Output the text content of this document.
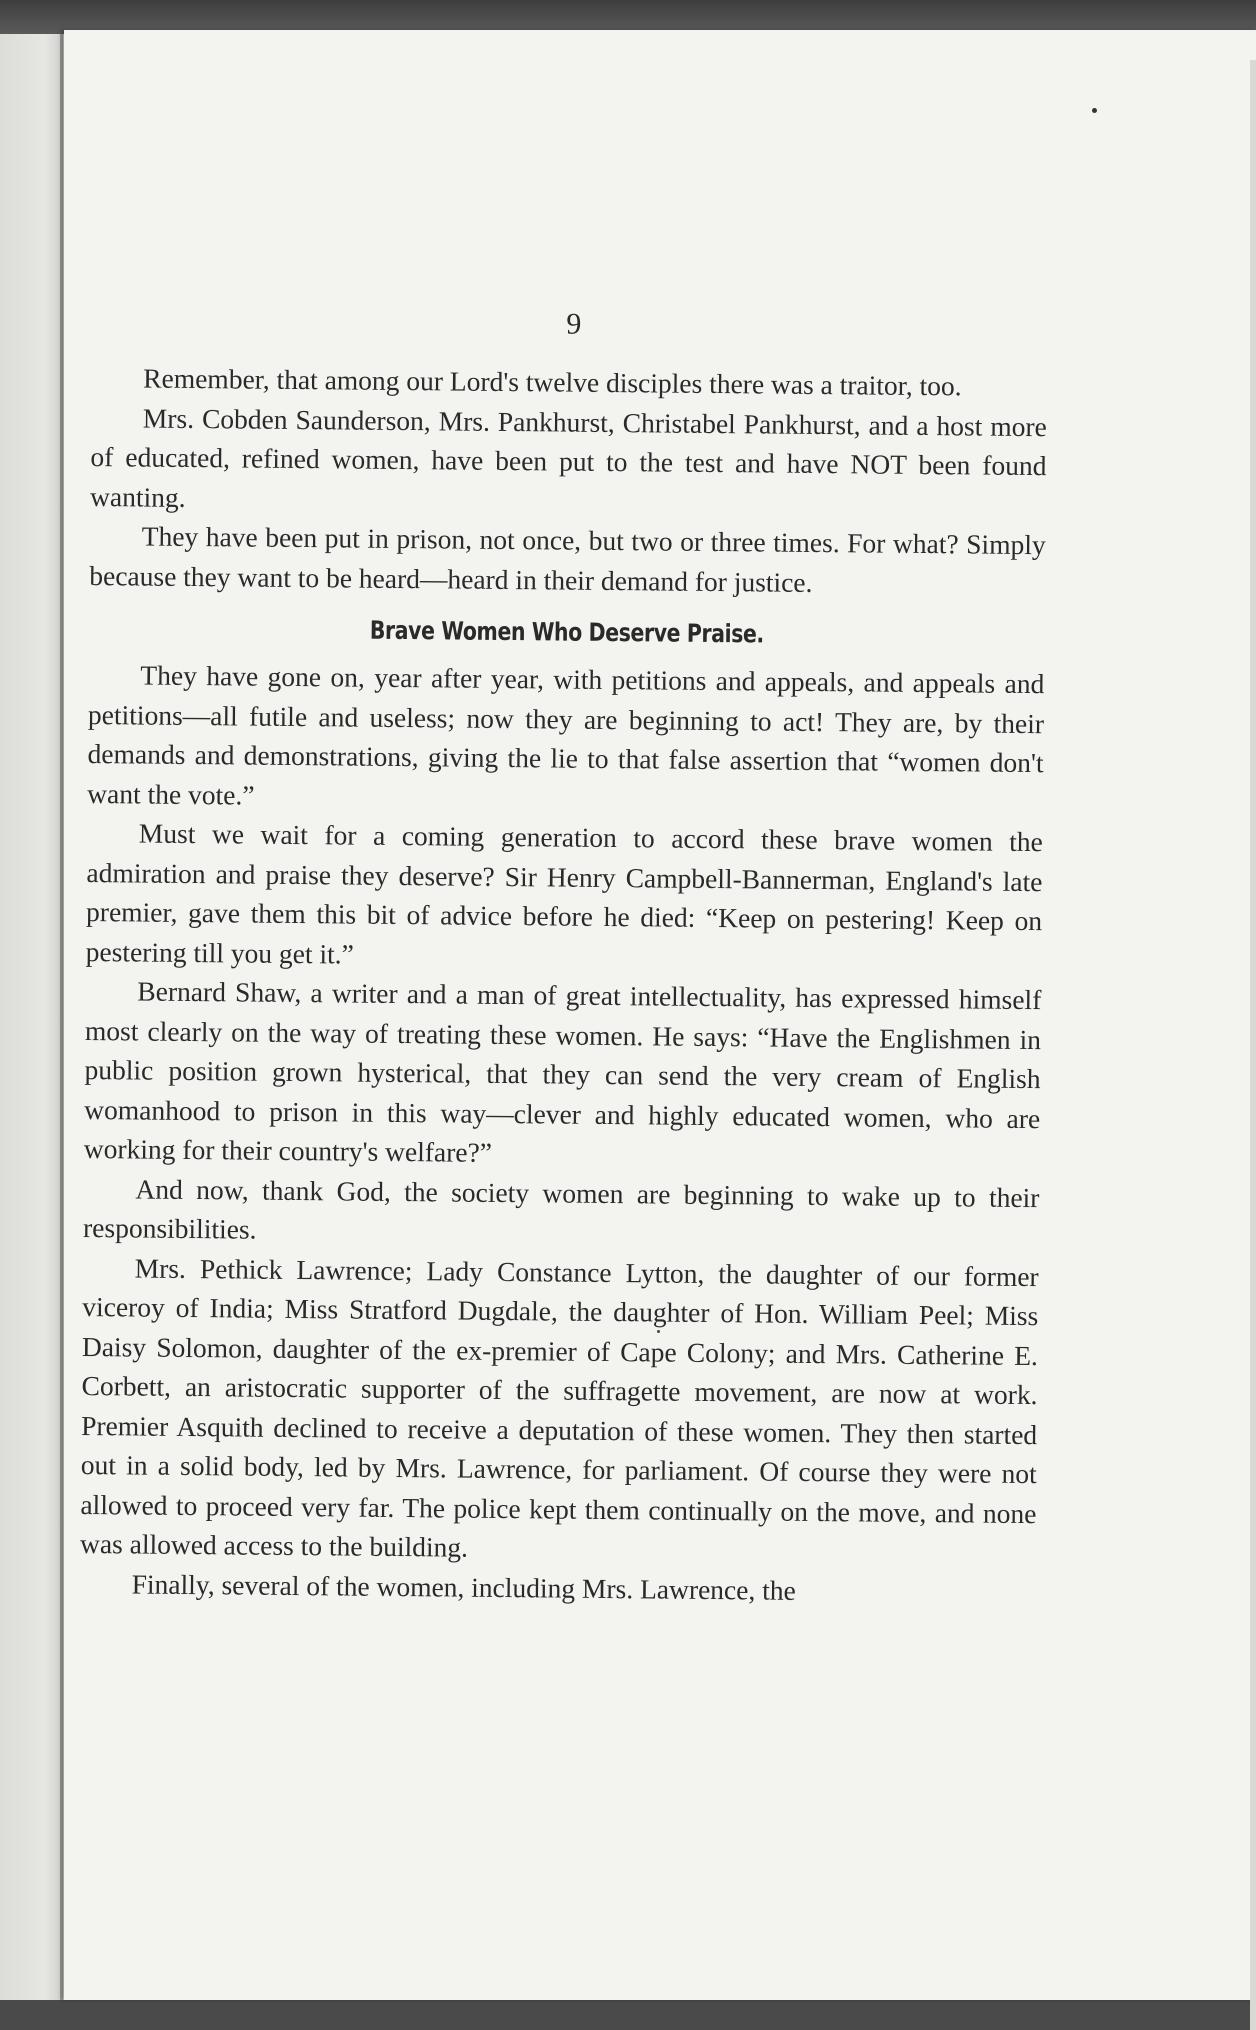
9

Remember, that among our Lord's twelve disciples there was a traitor, too.

Mrs. Cobden Saunderson, Mrs. Pankhurst, Christabel Pankhurst, and a host more of educated, refined women, have been put to the test and have NOT been found wanting.

They have been put in prison, not once, but two or three times. For what? Simply because they want to be heard—heard in their demand for justice.

Brave Women Who Deserve Praise.

They have gone on, year after year, with petitions and appeals, and appeals and petitions—all futile and useless; now they are beginning to act! They are, by their demands and demonstrations, giving the lie to that false assertion that “women don't want the vote.”

Must we wait for a coming generation to accord these brave women the admiration and praise they deserve? Sir Henry Campbell-Bannerman, England's late premier, gave them this bit of advice before he died: “Keep on pestering! Keep on pestering till you get it.”

Bernard Shaw, a writer and a man of great intellectuality, has expressed himself most clearly on the way of treating these women. He says: “Have the Englishmen in public position grown hysterical, that they can send the very cream of English womanhood to prison in this way—clever and highly educated women, who are working for their country's welfare?”

And now, thank God, the society women are beginning to wake up to their responsibilities.

Mrs. Pethick Lawrence; Lady Constance Lytton, the daughter of our former viceroy of India; Miss Stratford Dugdale, the daughter of Hon. William Peel; Miss Daisy Solomon, daughter of the ex-premier of Cape Colony; and Mrs. Catherine E. Corbett, an aristocratic supporter of the suffragette movement, are now at work. Premier Asquith declined to receive a deputation of these women. They then started out in a solid body, led by Mrs. Lawrence, for parliament. Of course they were not allowed to proceed very far. The police kept them continually on the move, and none was allowed access to the building.

Finally, several of the women, including Mrs. Lawrence, the
